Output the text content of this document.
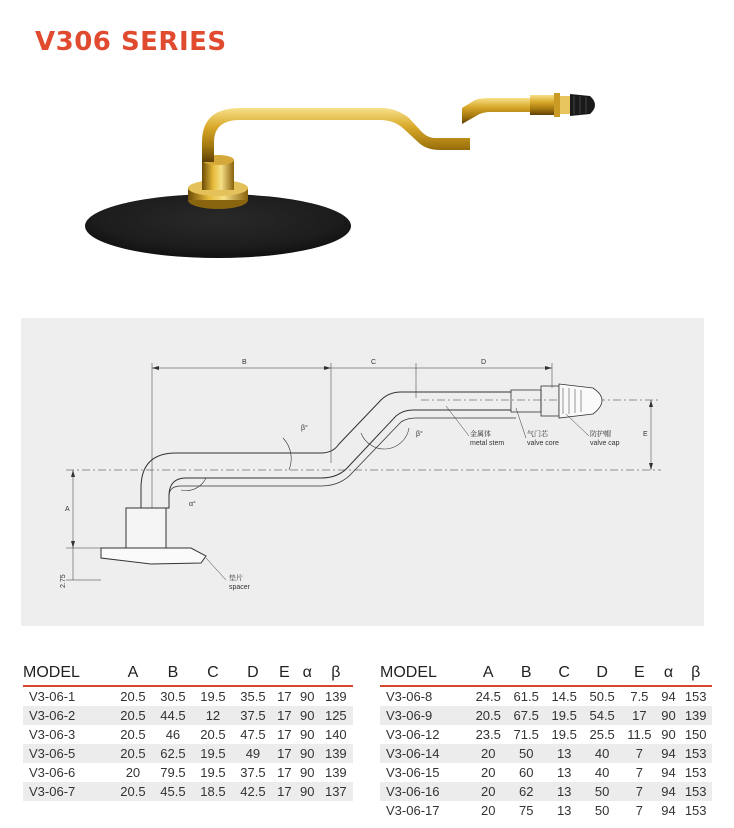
V306 SERIES
B	C	D
A
E
2.75
β°
β°
α°
金属体
metal stem
气门芯
valve core
防护帽
valve cap
垫片
spacer
MODEL	A	B	C	D	E	α	β
V3-06-1	20.5	30.5	19.5	35.5	17	90	139
V3-06-2	20.5	44.5	12	37.5	17	90	125
V3-06-3	20.5	46	20.5	47.5	17	90	140
V3-06-5	20.5	62.5	19.5	49	17	90	139
V3-06-6	20	79.5	19.5	37.5	17	90	139
V3-06-7	20.5	45.5	18.5	42.5	17	90	137
MODEL	A	B	C	D	E	α	β
V3-06-8	24.5	61.5	14.5	50.5	7.5	94	153
V3-06-9	20.5	67.5	19.5	54.5	17	90	139
V3-06-12	23.5	71.5	19.5	25.5	11.5	90	150
V3-06-14	20	50	13	40	7	94	153
V3-06-15	20	60	13	40	7	94	153
V3-06-16	20	62	13	50	7	94	153
V3-06-17	20	75	13	50	7	94	153
